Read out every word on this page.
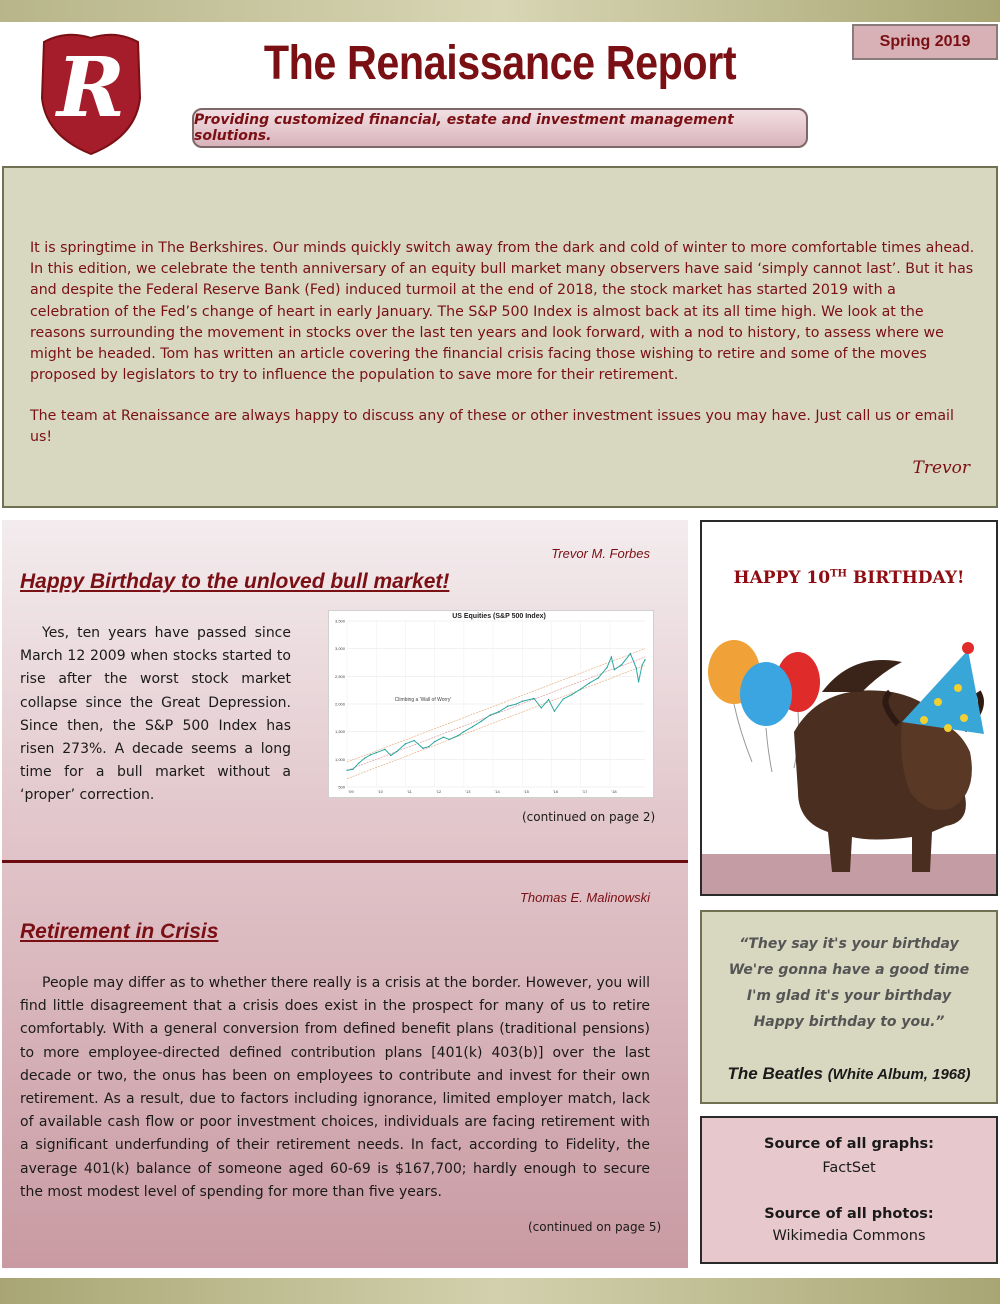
R	The Renaissance Report
Providing customized financial, estate and investment management solutions.
Spring 2019

It is springtime in The Berkshires. Our minds quickly switch away from the dark and cold of winter to more comfortable times ahead. In this edition, we celebrate the tenth anniversary of an equity bull market many observers have said ‘simply cannot last’. But it has and despite the Federal Reserve Bank (Fed) induced turmoil at the end of 2018, the stock market has started 2019 with a celebration of the Fed’s change of heart in early January. The S&P 500 Index is almost back at its all time high. We look at the reasons surrounding the movement in stocks over the last ten years and look forward, with a nod to history, to assess where we might be headed. Tom has written an article covering the financial crisis facing those wishing to retire and some of the moves proposed by legislators to try to influence the population to save more for their retirement.

The team at Renaissance are always happy to discuss any of these or other investment issues you may have. Just call us or email us!

Trevor
Trevor M. Forbes
Happy Birthday to the unloved bull market!
Yes, ten years have passed since March 12 2009 when stocks started to rise after the worst stock market collapse since the Great Depression. Since then, the S&P 500 Index has risen 273%. A decade seems a long time for a bull market without a ‘proper’ correction.
US Equities (S&P 500 Index)
500
1,000
1,500
2,000
2,500
3,000
3,500
'09	'10	'11	'12	'13	'14	'15	'16	'17	'18
Climbing a 'Wall of Worry'
(continued on page 2)
Thomas E. Malinowski
Retirement in Crisis
People may differ as to whether there really is a crisis at the border. However, you will find little disagreement that a crisis does exist in the prospect for many of us to retire comfortably. With a general conversion from defined benefit plans (traditional pensions) to more employee-directed defined contribution plans [401(k) 403(b)] over the last decade or two, the onus has been on employees to contribute and invest for their own retirement. As a result, due to factors including ignorance, limited employer match, lack of available cash flow or poor investment choices, individuals are facing retirement with a significant underfunding of their retirement needs. In fact, according to Fidelity, the average 401(k) balance of someone aged 60-69 is $167,700; hardly enough to secure the most modest level of spending for more than five years.
(continued on page 5)
HAPPY 10TH BIRTHDAY!
“They say it's your birthday
We're gonna have a good time
I'm glad it's your birthday
Happy birthday to you.”
The Beatles (White Album, 1968)
Source of all graphs:
FactSet
Source of all photos:
Wikimedia Commons
